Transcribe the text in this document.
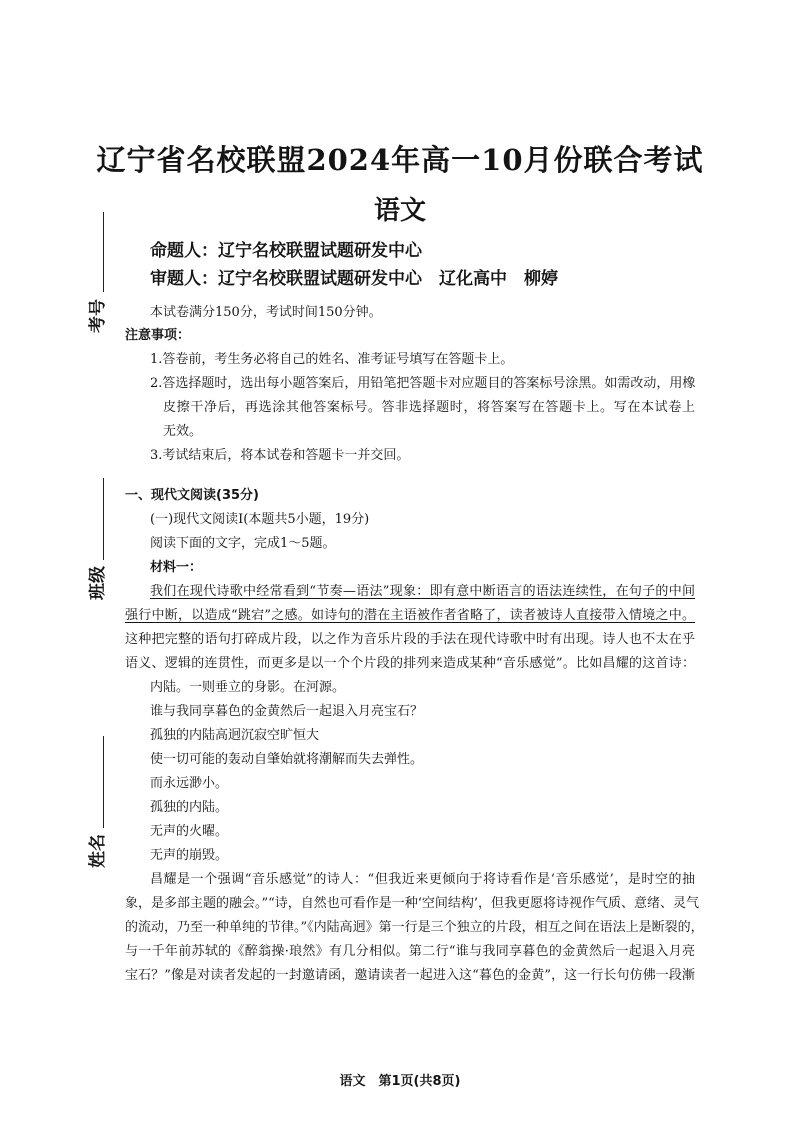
考号
班级
姓名
辽宁省名校联盟2024年高一10月份联合考试
语文
命题人：辽宁名校联盟试题研发中心
审题人：辽宁名校联盟试题研发中心　辽化高中　柳婷
本试卷满分150分，考试时间150分钟。
注意事项：
1.答卷前，考生务必将自己的姓名、准考证号填写在答题卡上。
2.答选择题时，选出每小题答案后，用铅笔把答题卡对应题目的答案标号涂黑。如需改动，用橡
皮擦干净后，再选涂其他答案标号。答非选择题时，将答案写在答题卡上。写在本试卷上
无效。
3.考试结束后，将本试卷和答题卡一并交回。
一、现代文阅读(35分)
(一)现代文阅读Ⅰ(本题共5小题，19分)
阅读下面的文字，完成1～5题。
材料一：
我们在现代诗歌中经常看到“节奏—语法”现象：即有意中断语言的语法连续性，在句子的中间
强行中断，以造成“跳宕”之感。如诗句的潜在主语被作者省略了，读者被诗人直接带入情境之中。
这种把完整的语句打碎成片段，以之作为音乐片段的手法在现代诗歌中时有出现。诗人也不太在乎
语义、逻辑的连贯性，而更多是以一个个片段的排列来造成某种“音乐感觉”。比如昌耀的这首诗：
内陆。一则垂立的身影。在河源。
谁与我同享暮色的金黄然后一起退入月亮宝石？
孤独的内陆高迥沉寂空旷恒大
使一切可能的轰动自肇始就将潮解而失去弹性。
而永远渺小。
孤独的内陆。
无声的火曜。
无声的崩毁。
昌耀是一个强调“音乐感觉”的诗人：“但我近来更倾向于将诗看作是‘音乐感觉’，是时空的抽
象，是多部主题的融会。”“诗，自然也可看作是一种‘空间结构’，但我更愿将诗视作气质、意绪、灵气
的流动，乃至一种单纯的节律。”《内陆高迥》第一行是三个独立的片段，相互之间在语法上是断裂的，
与一千年前苏轼的《醉翁操·琅然》有几分相似。第二行“谁与我同享暮色的金黄然后一起退入月亮
宝石？”像是对读者发起的一封邀请函，邀请读者一起进入这“暮色的金黄”，这一行长句仿佛一段漸
语文　第1页(共8页)
